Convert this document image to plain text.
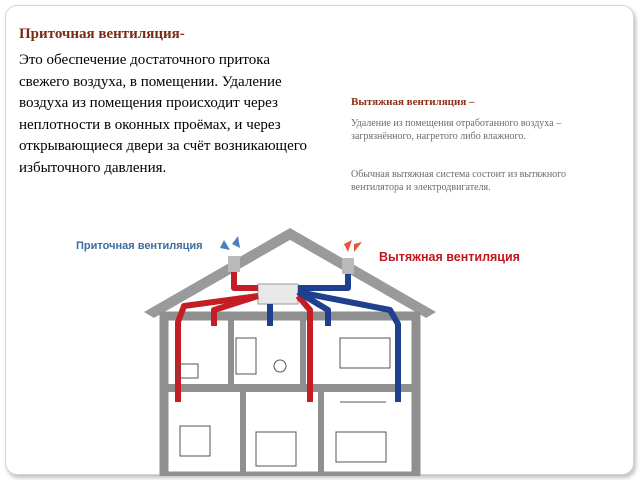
Приточная вентиляция-
Это обеспечение достаточного притока свежего воздуха, в помещении. Удаление воздуха из помещения происходит через неплотности в оконных проёмах, и через открывающиеся двери за счёт возникающего избыточного давления.
Вытяжная вентиляция –
Удаление из помещения отработанного воздуха – загрязнённого, нагретого либо влажного.
Обычная вытяжная система состоит из вытяжного вентилятора и электродвигателя.
Приточная вентиляция
Вытяжная вентиляция
